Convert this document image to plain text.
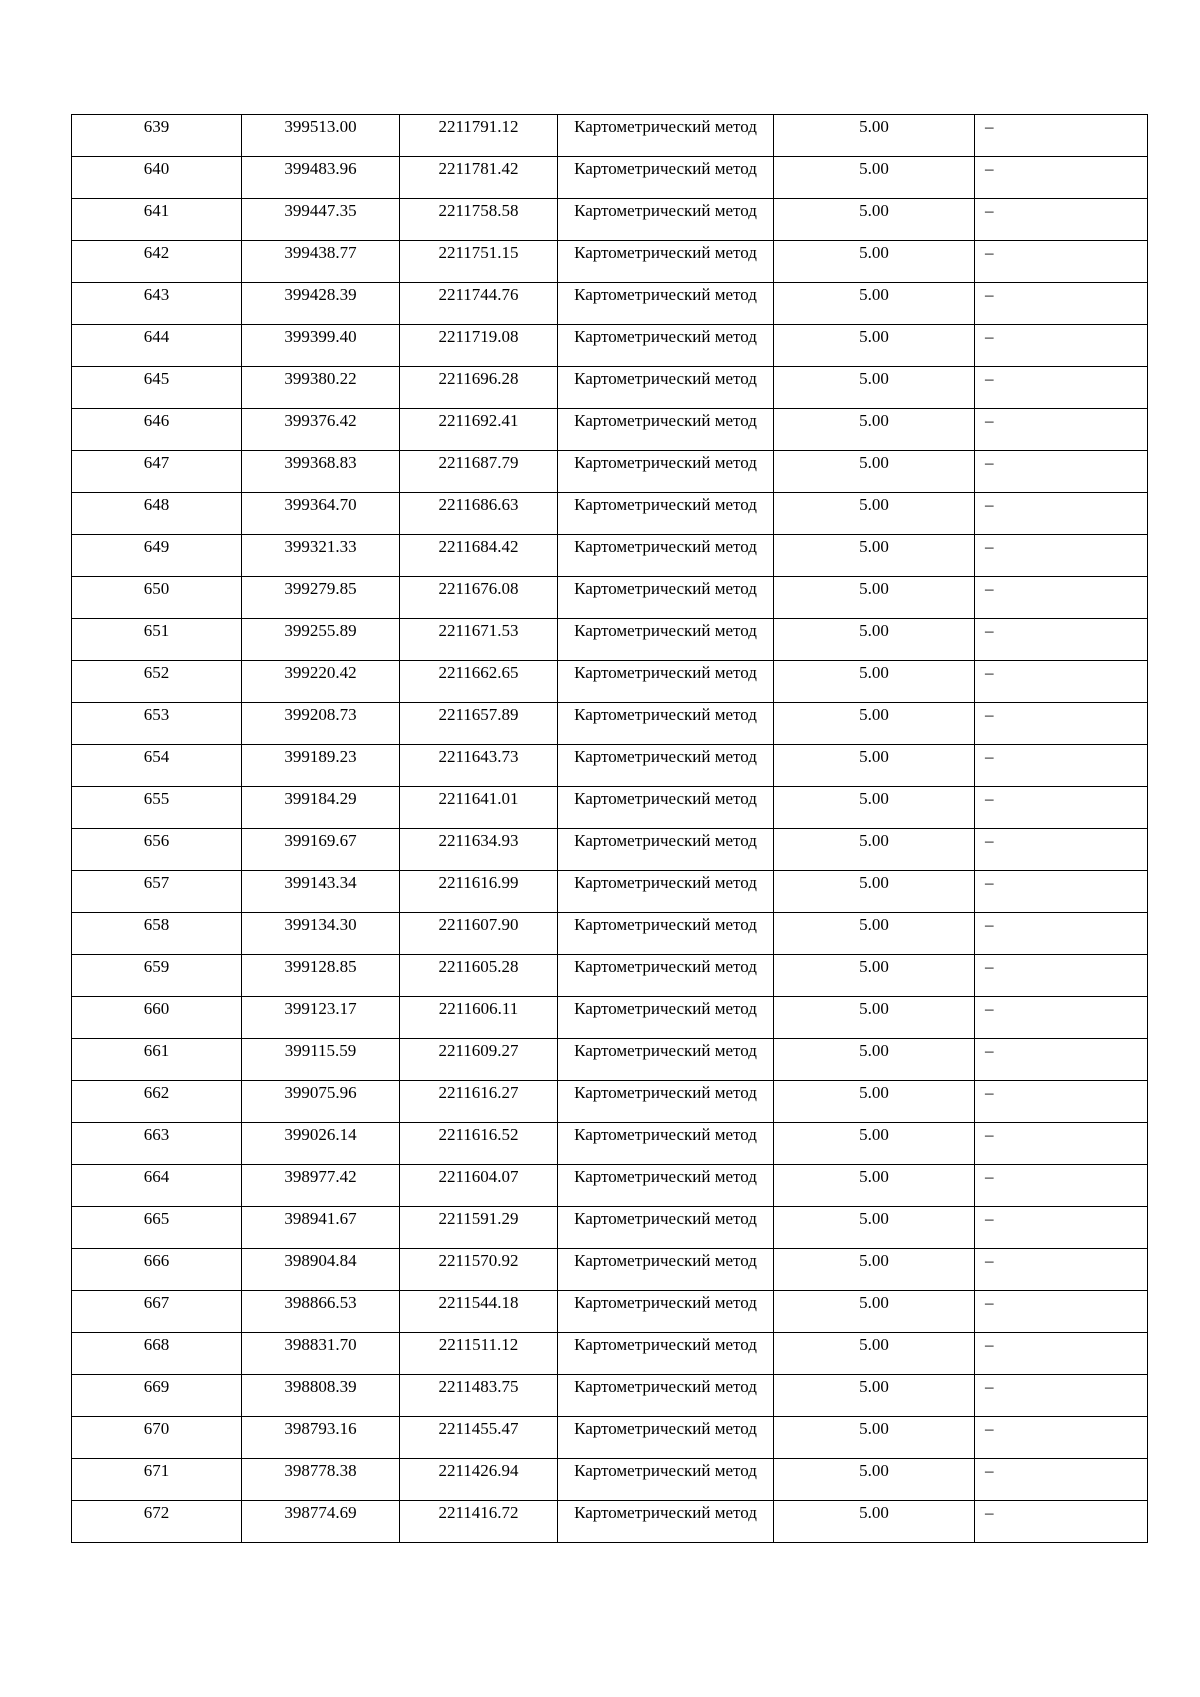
639	399513.00	2211791.12	Картометрический метод	5.00	–

640	399483.96	2211781.42	Картометрический метод	5.00	–

641	399447.35	2211758.58	Картометрический метод	5.00	–

642	399438.77	2211751.15	Картометрический метод	5.00	–

643	399428.39	2211744.76	Картометрический метод	5.00	–

644	399399.40	2211719.08	Картометрический метод	5.00	–

645	399380.22	2211696.28	Картометрический метод	5.00	–

646	399376.42	2211692.41	Картометрический метод	5.00	–

647	399368.83	2211687.79	Картометрический метод	5.00	–

648	399364.70	2211686.63	Картометрический метод	5.00	–

649	399321.33	2211684.42	Картометрический метод	5.00	–

650	399279.85	2211676.08	Картометрический метод	5.00	–

651	399255.89	2211671.53	Картометрический метод	5.00	–

652	399220.42	2211662.65	Картометрический метод	5.00	–

653	399208.73	2211657.89	Картометрический метод	5.00	–

654	399189.23	2211643.73	Картометрический метод	5.00	–

655	399184.29	2211641.01	Картометрический метод	5.00	–

656	399169.67	2211634.93	Картометрический метод	5.00	–

657	399143.34	2211616.99	Картометрический метод	5.00	–

658	399134.30	2211607.90	Картометрический метод	5.00	–

659	399128.85	2211605.28	Картометрический метод	5.00	–

660	399123.17	2211606.11	Картометрический метод	5.00	–

661	399115.59	2211609.27	Картометрический метод	5.00	–

662	399075.96	2211616.27	Картометрический метод	5.00	–

663	399026.14	2211616.52	Картометрический метод	5.00	–

664	398977.42	2211604.07	Картометрический метод	5.00	–

665	398941.67	2211591.29	Картометрический метод	5.00	–

666	398904.84	2211570.92	Картометрический метод	5.00	–

667	398866.53	2211544.18	Картометрический метод	5.00	–

668	398831.70	2211511.12	Картометрический метод	5.00	–

669	398808.39	2211483.75	Картометрический метод	5.00	–

670	398793.16	2211455.47	Картометрический метод	5.00	–

671	398778.38	2211426.94	Картометрический метод	5.00	–

672	398774.69	2211416.72	Картометрический метод	5.00	–
